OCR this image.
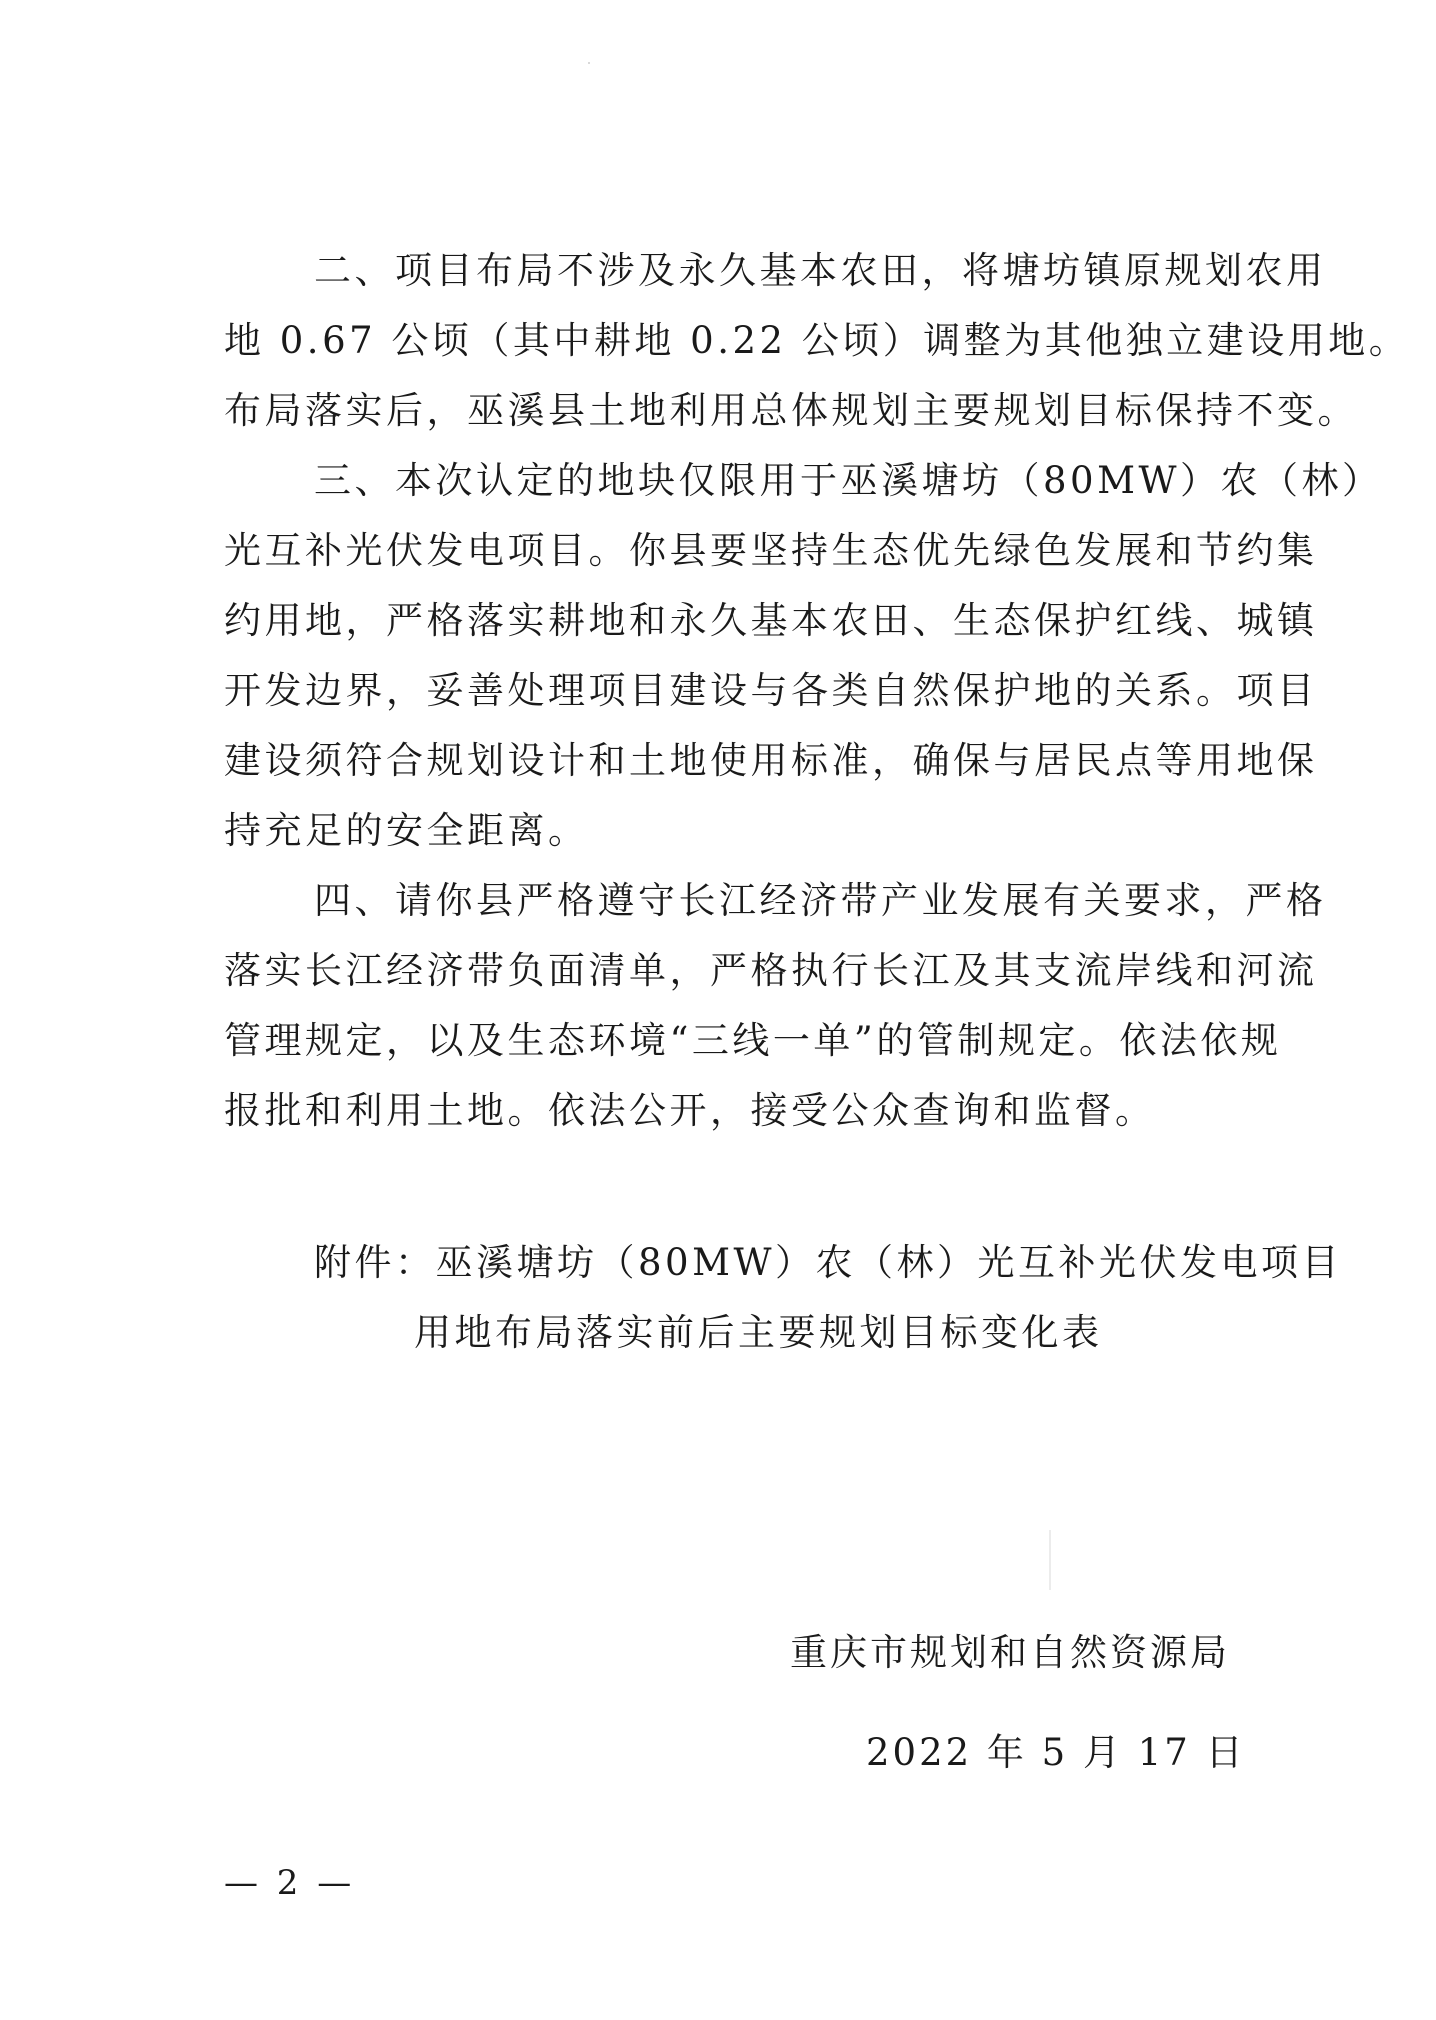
二、项目布局不涉及永久基本农田，将塘坊镇原规划农用
地 0.67 公顷（其中耕地 0.22 公顷）调整为其他独立建设用地。
布局落实后，巫溪县土地利用总体规划主要规划目标保持不变。
三、本次认定的地块仅限用于巫溪塘坊（80MW）农（林）
光互补光伏发电项目。你县要坚持生态优先绿色发展和节约集
约用地，严格落实耕地和永久基本农田、生态保护红线、城镇
开发边界，妥善处理项目建设与各类自然保护地的关系。项目
建设须符合规划设计和土地使用标准，确保与居民点等用地保
持充足的安全距离。
四、请你县严格遵守长江经济带产业发展有关要求，严格
落实长江经济带负面清单，严格执行长江及其支流岸线和河流
管理规定，以及生态环境“三线一单”的管制规定。依法依规
报批和利用土地。依法公开，接受公众查询和监督。
附件：巫溪塘坊（80MW）农（林）光互补光伏发电项目
用地布局落实前后主要规划目标变化表
重庆市规划和自然资源局
2022 年 5 月 17 日
— 2 —
